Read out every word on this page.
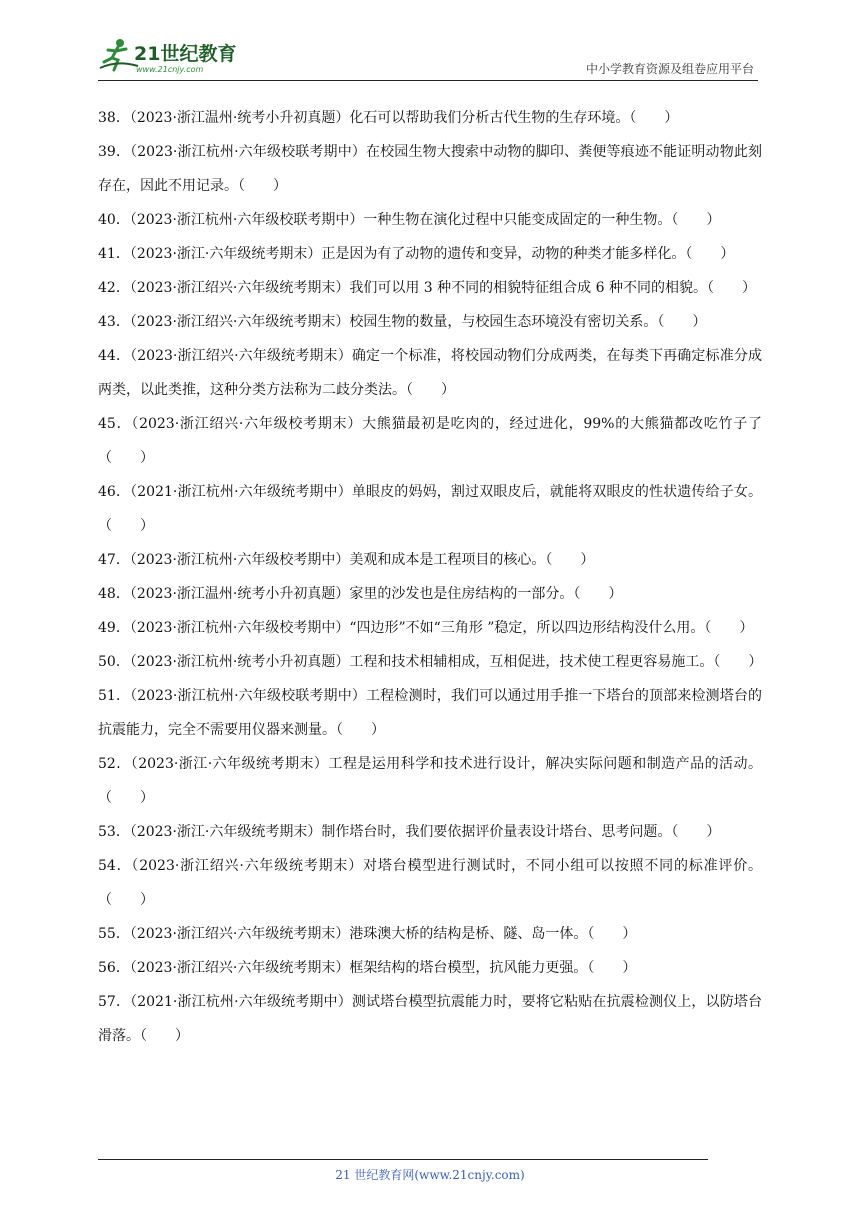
21世纪教育
www.21cnjy.com	中小学教育资源及组卷应用平台

38．（2023·浙江温州·统考小升初真题）化石可以帮助我们分析古代生物的生存环境。（　　）

39．（2023·浙江杭州·六年级校联考期中）在校园生物大搜索中动物的脚印、粪便等痕迹不能证明动物此刻存在，因此不用记录。（　　）

40．（2023·浙江杭州·六年级校联考期中）一种生物在演化过程中只能变成固定的一种生物。（　　）

41．（2023·浙江·六年级统考期末）正是因为有了动物的遗传和变异，动物的种类才能多样化。（　　）

42．（2023·浙江绍兴·六年级统考期末）我们可以用 3 种不同的相貌特征组合成 6 种不同的相貌。（　　）

43．（2023·浙江绍兴·六年级统考期末）校园生物的数量，与校园生态环境没有密切关系。（　　）

44．（2023·浙江绍兴·六年级统考期末）确定一个标准，将校园动物们分成两类，在每类下再确定标准分成两类，以此类推，这种分类方法称为二歧分类法。（　　）

45．（2023·浙江绍兴·六年级校考期末）大熊猫最初是吃肉的，经过进化，99%的大熊猫都改吃竹子了（　　）

46．（2021·浙江杭州·六年级统考期中）单眼皮的妈妈，割过双眼皮后，就能将双眼皮的性状遗传给子女。（　　）

47．（2023·浙江杭州·六年级校考期中）美观和成本是工程项目的核心。（　　）

48．（2023·浙江温州·统考小升初真题）家里的沙发也是住房结构的一部分。（　　）

49．（2023·浙江杭州·六年级校考期中）“四边形”不如“三角形 ”稳定，所以四边形结构没什么用。（　　）

50．（2023·浙江杭州·统考小升初真题）工程和技术相辅相成，互相促进，技术使工程更容易施工。（　　）

51．（2023·浙江杭州·六年级校联考期中）工程检测时，我们可以通过用手推一下塔台的顶部来检测塔台的抗震能力，完全不需要用仪器来测量。（　　）

52．（2023·浙江·六年级统考期末）工程是运用科学和技术进行设计，解决实际问题和制造产品的活动。（　　）

53．（2023·浙江·六年级统考期末）制作塔台时，我们要依据评价量表设计塔台、思考问题。（　　）

54．（2023·浙江绍兴·六年级统考期末）对塔台模型进行测试时，不同小组可以按照不同的标准评价。（　　）

55．（2023·浙江绍兴·六年级统考期末）港珠澳大桥的结构是桥、隧、岛一体。（　　）

56．（2023·浙江绍兴·六年级统考期末）框架结构的塔台模型，抗风能力更强。（　　）

57．（2021·浙江杭州·六年级统考期中）测试塔台模型抗震能力时，要将它粘贴在抗震检测仪上，以防塔台滑落。（　　）

21 世纪教育网(www.21cnjy.com)
